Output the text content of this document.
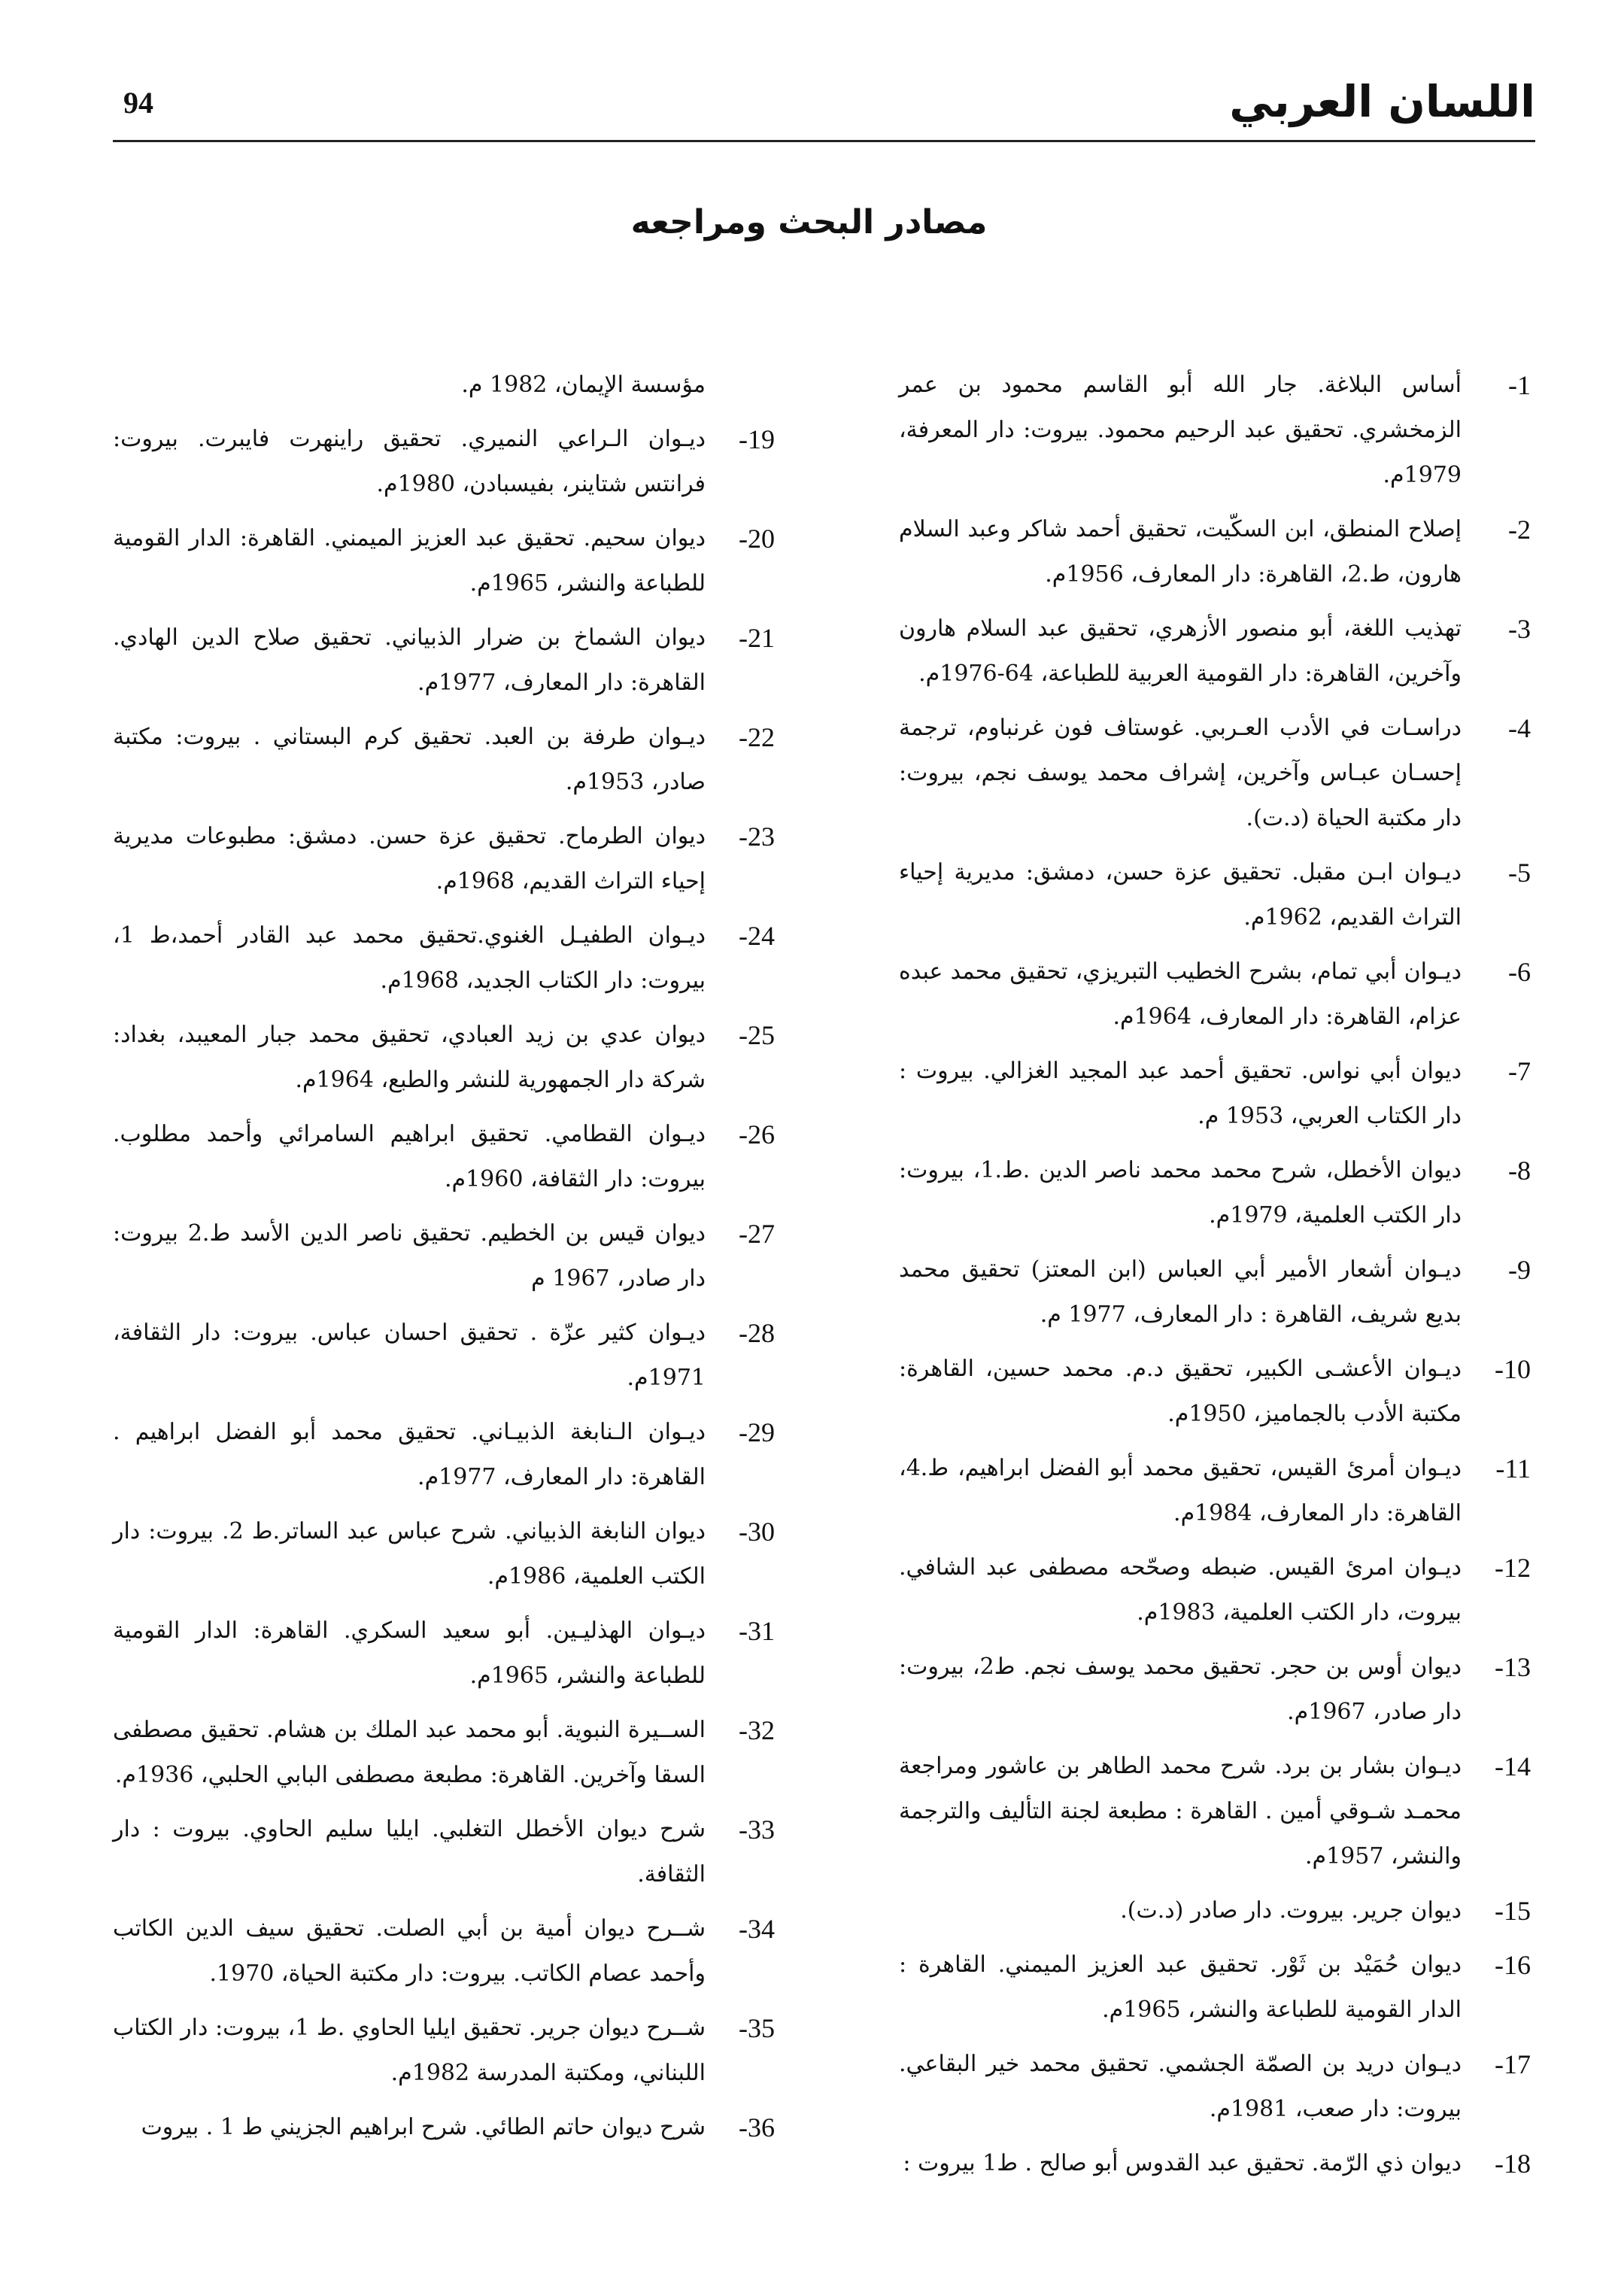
94	اللسان العربي
مصادر البحث ومراجعه
1-
أساس البلاغة. جار الله أبو القاسم محمود بن عمر الزمخشري. تحقيق عبد الرحيم محمود. بيروت: دار المعرفة، 1979م.
2-
إصلاح المنطق، ابن السكّيت، تحقيق أحمد شاكر وعبد السلام هارون، ط.2، القاهرة: دار المعارف، 1956م.
3-
تهذيب اللغة، أبو منصور الأزهري، تحقيق عبد السلام هارون وآخرين، القاهرة: دار القومية العربية للطباعة، 64-1976م.
4-
دراسـات في الأدب العـربي. غوستاف فون غرنباوم، ترجمة إحسـان عبـاس وآخرين، إشراف محمد يوسف نجم، بيروت: دار مكتبة الحياة (د.ت).
5-
ديـوان ابـن مقبل. تحقيق عزة حسن، دمشق: مديرية إحياء التراث القديم، 1962م.
6-
ديـوان أبي تمام، بشرح الخطيب التبريزي، تحقيق محمد عبده عزام، القاهرة: دار المعارف، 1964م.
7-
ديوان أبي نواس. تحقيق أحمد عبد المجيد الغزالي. بيروت : دار الكتاب العربي، 1953 م.
8-
ديوان الأخطل، شرح محمد محمد ناصر الدين .ط.1، بيروت: دار الكتب العلمية، 1979م.
9-
ديـوان أشعار الأمير أبي العباس (ابن المعتز) تحقيق محمد بديع شريف، القاهرة : دار المعارف، 1977 م.
10-
ديـوان الأعشـى الكبير، تحقيق د.م. محمد حسين، القاهرة: مكتبة الأدب بالجماميز، 1950م.
11-
ديـوان أمرئ القيس، تحقيق محمد أبو الفضل ابراهيم، ط.4، القاهرة: دار المعارف، 1984م.
12-
ديـوان امرئ القيس. ضبطه وصحّحه مصطفى عبد الشافي. بيروت، دار الكتب العلمية، 1983م.
13-
ديوان أوس بن حجر. تحقيق محمد يوسف نجم. ط2، بيروت: دار صادر، 1967م.
14-
ديـوان بشار بن برد. شرح محمد الطاهر بن عاشور ومراجعة محمـد شـوقي أمين . القاهرة : مطبعة لجنة التأليف والترجمة والنشر، 1957م.
15-
ديوان جرير. بيروت. دار صادر (د.ت).
16-
ديوان حُمَيْد بن ثَوْر. تحقيق عبد العزيز الميمني. القاهرة : الدار القومية للطباعة والنشر، 1965م.
17-
ديـوان دريد بن الصمّة الجشمي. تحقيق محمد خير البقاعي. بيروت: دار صعب، 1981م.
18-
ديوان ذي الرّمة. تحقيق عبد القدوس أبو صالح . ط1 بيروت :
مؤسسة الإيمان، 1982 م.
19-
ديـوان الـراعي النميري. تحقيق راينهرت فايبرت. بيروت: فرانتس شتاينر، بفيسبادن، 1980م.
20-
ديوان سحيم. تحقيق عبد العزيز الميمني. القاهرة: الدار القومية للطباعة والنشر، 1965م.
21-
ديوان الشماخ بن ضرار الذبياني. تحقيق صلاح الدين الهادي. القاهرة: دار المعارف، 1977م.
22-
ديـوان طرفة بن العبد. تحقيق كرم البستاني . بيروت: مكتبة صادر، 1953م.
23-
ديوان الطرماح. تحقيق عزة حسن. دمشق: مطبوعات مديرية إحياء التراث القديم، 1968م.
24-
ديـوان الطفيـل الغنوي.تحقيق محمد عبد القادر أحمد،ط 1، بيروت: دار الكتاب الجديد، 1968م.
25-
ديوان عدي بن زيد العبادي، تحقيق محمد جبار المعيبد، بغداد: شركة دار الجمهورية للنشر والطبع، 1964م.
26-
ديـوان القطامي. تحقيق ابراهيم السامرائي وأحمد مطلوب. بيروت: دار الثقافة، 1960م.
27-
ديوان قيس بن الخطيم. تحقيق ناصر الدين الأسد ط.2 بيروت: دار صادر، 1967 م
28-
ديـوان كثير عزّة . تحقيق احسان عباس. بيروت: دار الثقافة، 1971م.
29-
ديـوان الـنابغة الذبيـاني. تحقيق محمد أبو الفضل ابراهيم . القاهرة: دار المعارف، 1977م.
30-
ديوان النابغة الذبياني. شرح عباس عبد الساتر.ط 2. بيروت: دار الكتب العلمية، 1986م.
31-
ديـوان الهذليـين. أبو سعيد السكري. القاهرة: الدار القومية للطباعة والنشر، 1965م.
32-
الســيرة النبوية. أبو محمد عبد الملك بن هشام. تحقيق مصطفى السقا وآخرين. القاهرة: مطبعة مصطفى البابي الحلبي، 1936م.
33-
شرح ديوان الأخطل التغلبي. ايليا سليم الحاوي. بيروت : دار الثقافة.
34-
شــرح ديوان أمية بن أبي الصلت. تحقيق سيف الدين الكاتب وأحمد عصام الكاتب. بيروت: دار مكتبة الحياة، 1970.
35-
شــرح ديوان جرير. تحقيق ايليا الحاوي .ط 1، بيروت: دار الكتاب اللبناني، ومكتبة المدرسة 1982م.
36-
شرح ديوان حاتم الطائي. شرح ابراهيم الجزيني ط 1 . بيروت
